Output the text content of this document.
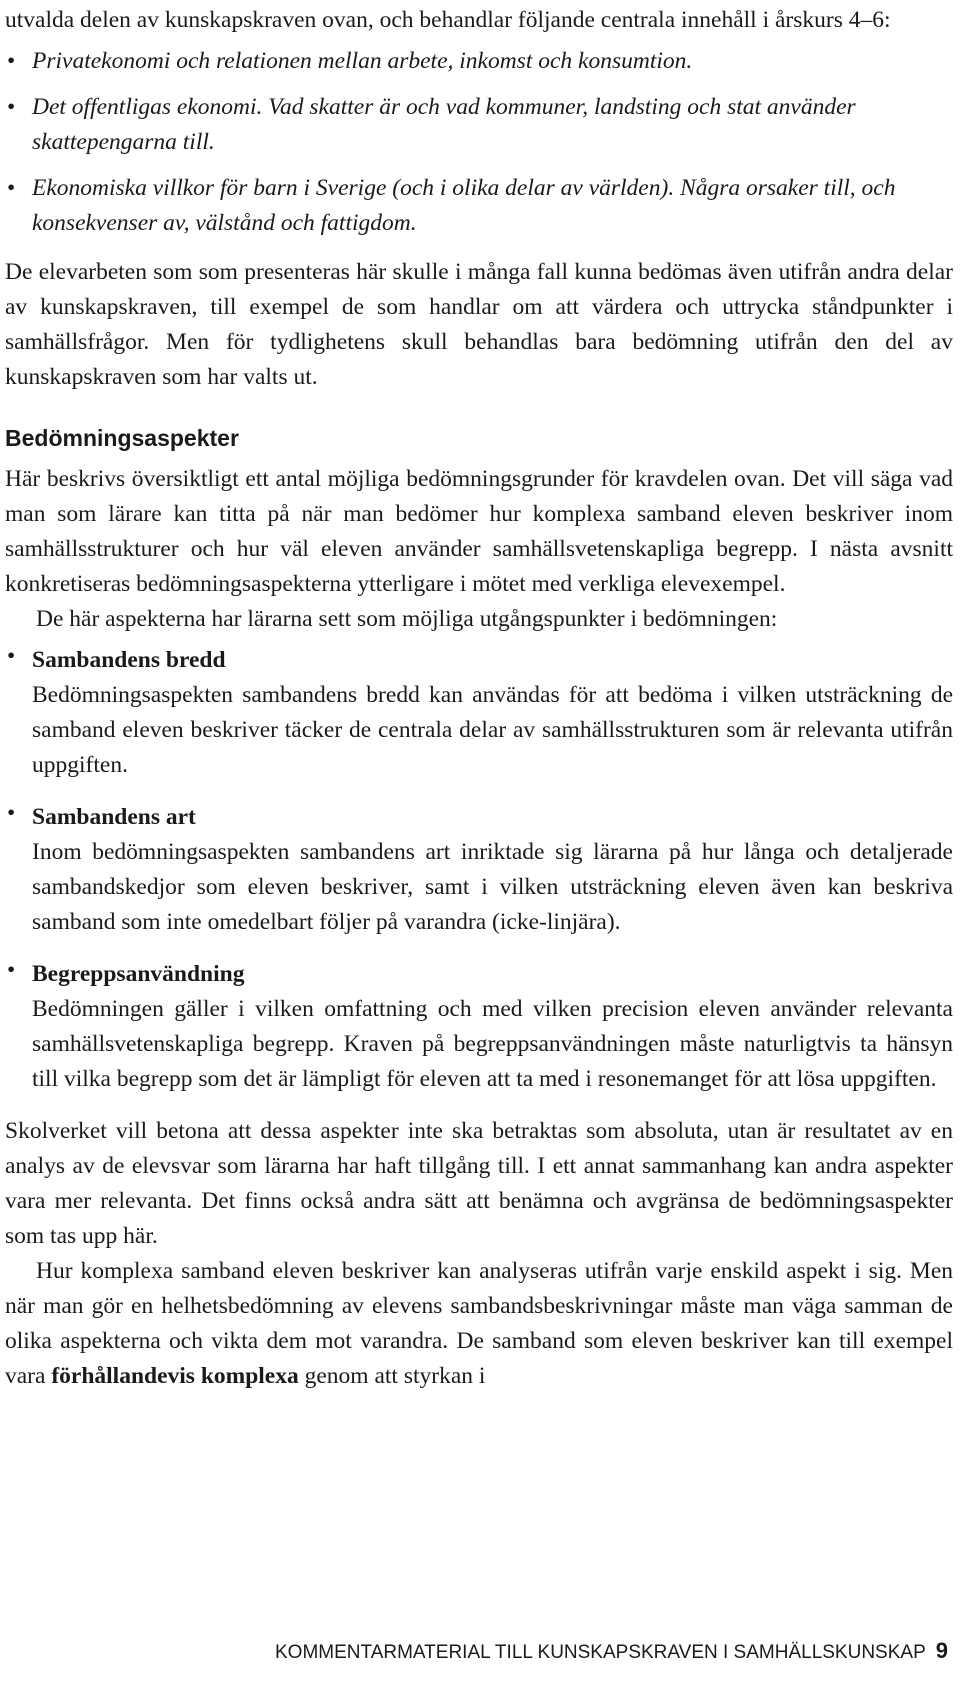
utvalda delen av kunskapskraven ovan, och behandlar följande centrala innehåll i årskurs 4–6:

• Privatekonomi och relationen mellan arbete, inkomst och konsumtion.
• Det offentligas ekonomi. Vad skatter är och vad kommuner, landsting och stat använder skattepengarna till.
• Ekonomiska villkor för barn i Sverige (och i olika delar av världen). Några orsaker till, och konsekvenser av, välstånd och fattigdom.

De elevarbeten som som presenteras här skulle i många fall kunna bedömas även utifrån andra delar av kunskapskraven, till exempel de som handlar om att värdera och uttrycka ståndpunkter i samhällsfrågor. Men för tydlighetens skull behandlas bara bedömning utifrån den del av kunskapskraven som har valts ut.

Bedömningsaspekter

Här beskrivs översiktligt ett antal möjliga bedömningsgrunder för kravdelen ovan. Det vill säga vad man som lärare kan titta på när man bedömer hur komplexa samband eleven beskriver inom samhällsstrukturer och hur väl eleven använder samhällsvetenskapliga begrepp. I nästa avsnitt konkretiseras bedömningsaspekterna ytterligare i mötet med verkliga elevexempel.

De här aspekterna har lärarna sett som möjliga utgångspunkter i bedömningen:

• Sambandens bredd
Bedömningsaspekten sambandens bredd kan användas för att bedöma i vilken utsträckning de samband eleven beskriver täcker de centrala delar av samhällsstrukturen som är relevanta utifrån uppgiften.
• Sambandens art
Inom bedömningsaspekten sambandens art inriktade sig lärarna på hur långa och detaljerade sambandskedjor som eleven beskriver, samt i vilken utsträckning eleven även kan beskriva samband som inte omedelbart följer på varandra (icke-linjära).
• Begreppsanvändning
Bedömningen gäller i vilken omfattning och med vilken precision eleven använder relevanta samhällsvetenskapliga begrepp. Kraven på begreppsanvändningen måste naturligtvis ta hänsyn till vilka begrepp som det är lämpligt för eleven att ta med i resonemanget för att lösa uppgiften.

Skolverket vill betona att dessa aspekter inte ska betraktas som absoluta, utan är resultatet av en analys av de elevsvar som lärarna har haft tillgång till. I ett annat sammanhang kan andra aspekter vara mer relevanta. Det finns också andra sätt att benämna och avgränsa de bedömningsaspekter som tas upp här.

Hur komplexa samband eleven beskriver kan analyseras utifrån varje enskild aspekt i sig. Men när man gör en helhetsbedömning av elevens sambandsbeskrivningar måste man väga samman de olika aspekterna och vikta dem mot varandra. De samband som eleven beskriver kan till exempel vara förhållandevis komplexa genom att styrkan i

KOMMENTARMATERIAL TILL KUNSKAPSKRAVEN I SAMHÄLLSKUNSKAP 9
